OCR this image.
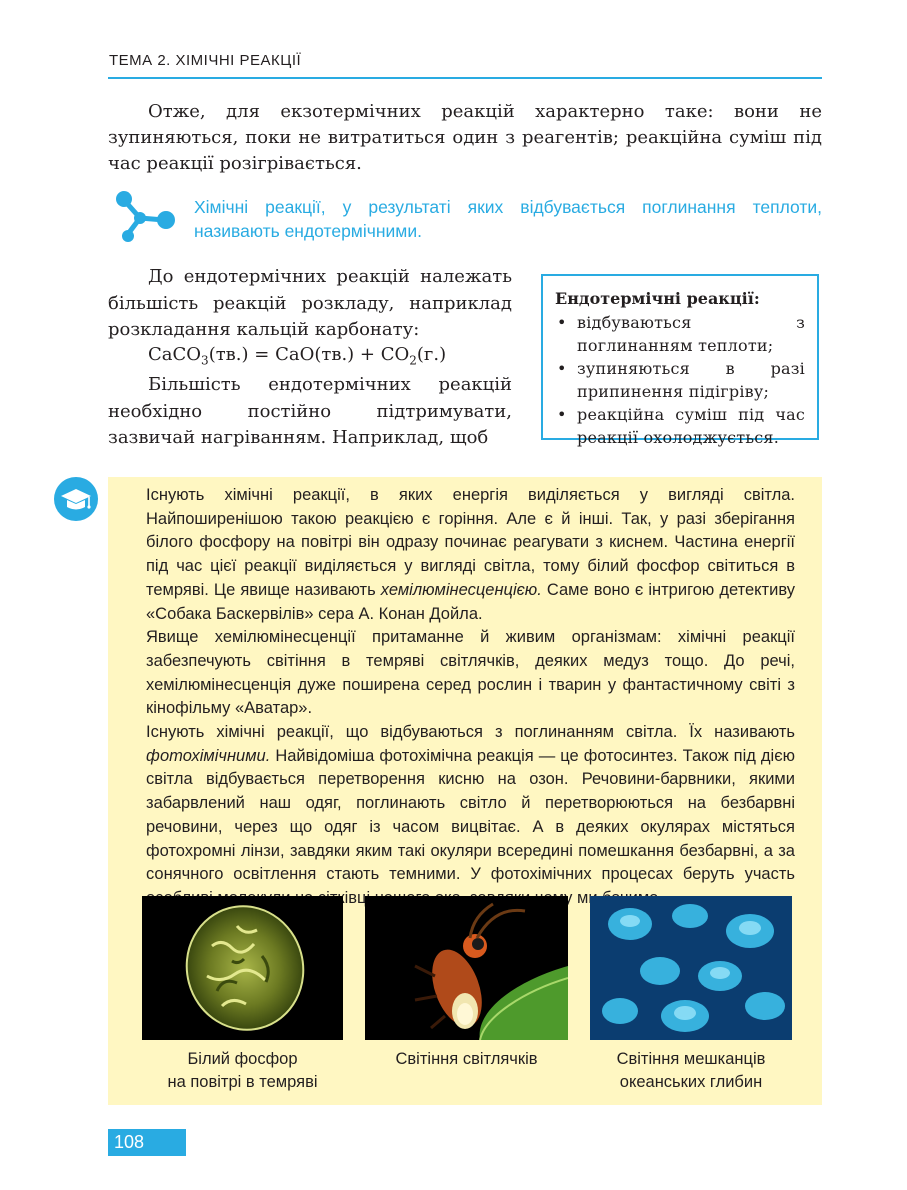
ТЕМА 2. ХІМІЧНІ РЕАКЦІЇ

Отже, для екзотермічних реакцій характерно таке: вони не зупиняються, поки не витратиться один з реагентів; реакційна суміш під час реакції розігрівається.

Хімічні реакції, у результаті яких відбувається поглинання теплоти, називають ендотермічними.

До ендотермічних реакцій належать більшість реакцій розкладу, наприклад розкладання кальцій карбонату:

CaCO$_3$(тв.) = $CaO(тв.) + CO_2(г.)$

Більшість ендотермічних реакцій необхідно постійно підтримувати, зазвичай нагріванням. Наприклад, щоб

Ендотермічні реакції:
• відбуваються з поглинанням теплоти;
• зупиняються в разі припинення підігріву;
• реакційна суміш під час реакції охолоджується.

Існують хімічні реакції, в яких енергія виділяється у вигляді світла. Найпоширенішою такою реакцією є горіння. Але є й інші. Так, у разі зберігання білого фосфору на повітрі він одразу починає реагувати з киснем. Частина енергії під час цієї реакції виділяється у вигляді світла, тому білий фосфор світиться в темряві. Це явище називають хемілюмінесценцією. Саме воно є інтригою детективу «Собака Баскервілів» сера А. Конан Дойла.

Явище хемілюмінесценції притаманне й живим організмам: хімічні реакції забезпечують світіння в темряві світлячків, деяких медуз тощо. До речі, хемілюмінесценція дуже поширена серед рослин і тварин у фантастичному світі з кінофільму «Аватар».

Існують хімічні реакції, що відбуваються з поглинанням світла. Їх називають фотохімічними. Найвідоміша фотохімічна реакція — це фотосинтез. Також під дією світла відбувається перетворення кисню на озон. Речовини-барвники, якими забарвлений наш одяг, поглинають світло й перетворюються на безбарвні речовини, через що одяг із часом вицвітає. А в деяких окулярах містяться фотохромні лінзи, завдяки яким такі окуляри всередині помешкання безбарвні, а за сонячного освітлення стають темними. У фотохімічних процесах беруть участь сітківці ми

Білий фосфор
на повітрі в темряві
Світіння світлячків	Світіння мешканців
океанських глибин
108
